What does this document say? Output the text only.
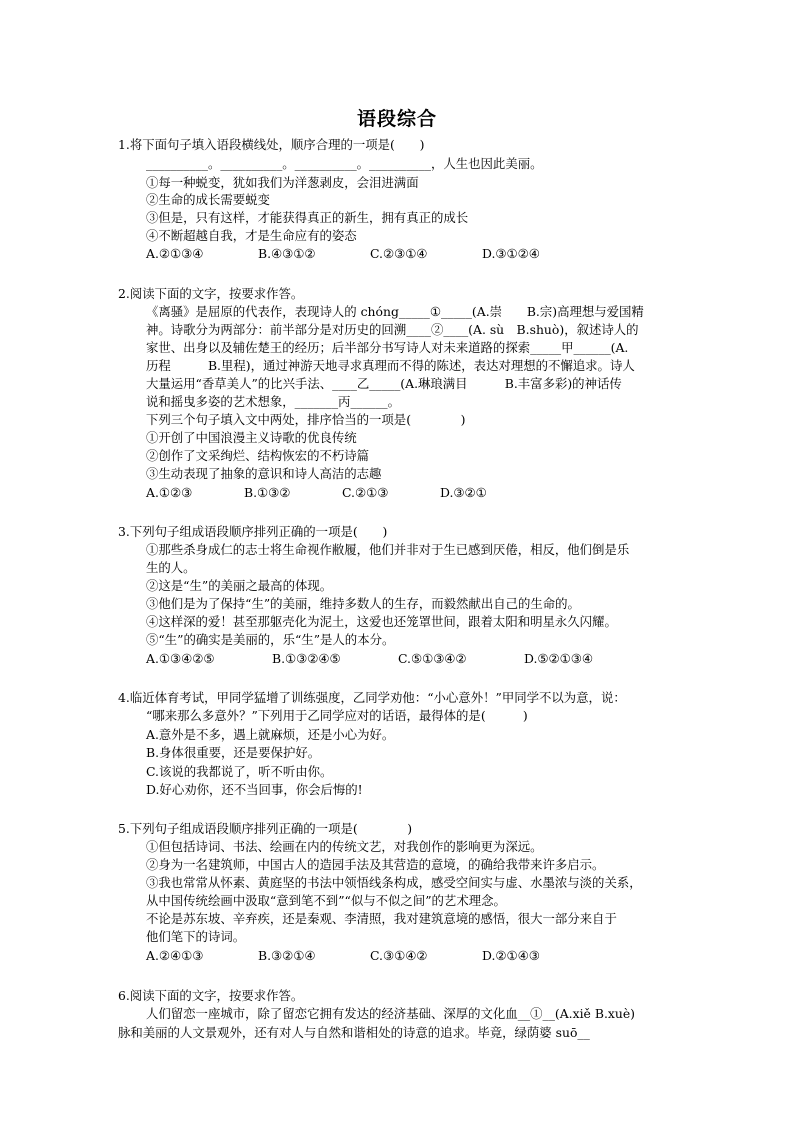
语段综合
1.将下面句子填入语段横线处，顺序合理的一项是(　　)
__________。__________。__________。__________，人生也因此美丽。
①每一种蜕变，犹如我们为洋葱剥皮，会泪进满面
②生命的成长需要蜕变
③但是，只有这样，才能获得真正的新生，拥有真正的成长
④不断超越自我，才是生命应有的姿态
A.②①③④	B.④③①②	C.②③①④	D.③①②④
2.阅读下面的文字，按要求作答。
《离骚》是屈原的代表作，表现诗人的 chóng_____①_____(A.崇　　B.宗)高理想与爱国精
神。诗歌分为两部分：前半部分是对历史的回溯____②____(A. sù　B.shuò)，叙述诗人的
家世、出身以及辅佐楚王的经历；后半部分书写诗人对未来道路的探索_____甲______(A.
历程　　　B.里程)，通过神游天地寻求真理而不得的陈述，表达对理想的不懈追求。诗人
大量运用“香草美人”的比兴手法、____乙_____(A.琳琅满目　　　B.丰富多彩)的神话传
说和摇曳多姿的艺术想象，_______丙______。
下列三个句子填入文中两处，排序恰当的一项是(　　　　)
①开创了中国浪漫主义诗歌的优良传统
②创作了文采绚烂、结构恢宏的不朽诗篇
③生动表现了抽象的意识和诗人高洁的志趣
A.①②③	B.①③②	C.②①③	D.③②①
3.下列句子组成语段顺序排列正确的一项是(　　)
①那些杀身成仁的志士将生命视作敝履，他们并非对于生已感到厌倦，相反，他们倒是乐
生的人。
②这是“生”的美丽之最高的体现。
③他们是为了保持“生”的美丽，维持多数人的生存，而毅然献出自己的生命的。
④这样深的爱！甚至那躯壳化为泥土，这爱也还笼罩世间，跟着太阳和明星永久闪耀。
⑤“生”的确实是美丽的，乐“生”是人的本分。
A.①③④②⑤	B.①③②④⑤	C.⑤①③④②	D.⑤②①③④
4.临近体育考试，甲同学猛增了训练强度，乙同学劝他：“小心意外！”甲同学不以为意，说：
“哪来那么多意外？”下列用于乙同学应对的话语，最得体的是(　　　)
A.意外是不多，遇上就麻烦，还是小心为好。
B.身体很重要，还是要保护好。
C.该说的我都说了，听不听由你。
D.好心劝你，还不当回事，你会后悔的!
5.下列句子组成语段顺序排列正确的一项是(　　　　)
①但包括诗词、书法、绘画在内的传统文艺，对我创作的影响更为深远。
②身为一名建筑师，中国古人的造园手法及其营造的意境，的确给我带来许多启示。
③我也常常从怀素、黄庭坚的书法中领悟线条构成，感受空间实与虚、水墨浓与淡的关系，
从中国传统绘画中汲取“意到笔不到”“似与不似之间”的艺术理念。
不论是苏东坡、辛弃疾，还是秦观、李清照，我对建筑意境的感悟，很大一部分来自于
他们笔下的诗词。
A.②④①③	B.③②①④	C.③①④②	D.②①④③
6.阅读下面的文字，按要求作答。
人们留恋一座城市，除了留恋它拥有发达的经济基础、深厚的文化血__①__(A.xiě B.xuè)
脉和美丽的人文景观外，还有对人与自然和谐相处的诗意的追求。毕竟，绿荫婆 suō__
